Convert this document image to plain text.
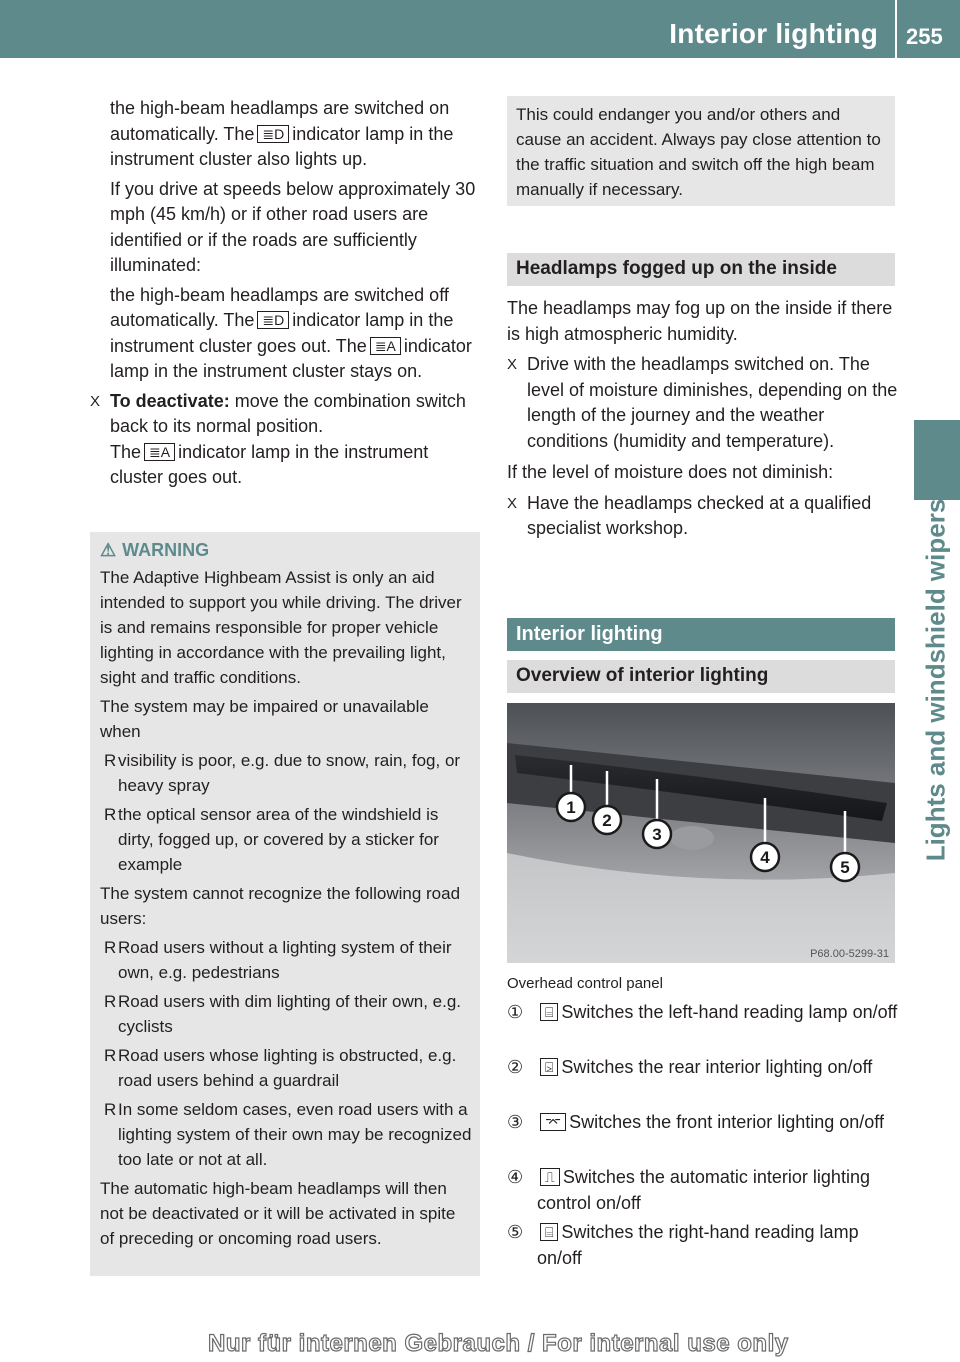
Interior lighting 255
Lights and windshield wipers

the high-beam headlamps are switched on automatically. The ≣D indicator lamp in the instrument cluster also lights up.

If you drive at speeds below approximately 30 mph (45 km/h) or if other road users are identified or if the roads are sufficiently illuminated:

the high-beam headlamps are switched off automatically. The ≣D indicator lamp in the instrument cluster goes out. The ≣A indicator lamp in the instrument cluster stays on.

X To deactivate: move the combination switch back to its normal position.
The ≣A indicator lamp in the instrument cluster goes out.
⚠ WARNING

The Adaptive Highbeam Assist is only an aid intended to support you while driving. The driver is and remains responsible for proper vehicle lighting in accordance with the prevailing light, sight and traffic conditions.

The system may be impaired or unavailable when

R visibility is poor, e.g. due to snow, rain, fog, or heavy spray
R the optical sensor area of the windshield is dirty, fogged up, or covered by a sticker for example

The system cannot recognize the following road users:

R Road users without a lighting system of their own, e.g. pedestrians
R Road users with dim lighting of their own, e.g. cyclists
R Road users whose lighting is obstructed, e.g. road users behind a guardrail
R In some seldom cases, even road users with a lighting system of their own may be recognized too late or not at all.

The automatic high-beam headlamps will then not be deactivated or it will be activated in spite of preceding or oncoming road users.

This could endanger you and/or others and cause an accident. Always pay close attention to the traffic situation and switch off the high beam manually if necessary.
Headlamps fogged up on the inside

The headlamps may fog up on the inside if there is high atmospheric humidity.

X Drive with the headlamps switched on. The level of moisture diminishes, depending on the length of the journey and the weather conditions (humidity and temperature).

If the level of moisture does not diminish:

X Have the headlamps checked at a qualified specialist workshop.
Interior lighting
Overview of interior lighting
1
2
3
4
5
P68.00-5299-31
Overhead control panel
①	⌸ Switches the left-hand reading lamp on/off
②	⍄ Switches the rear interior lighting on/off
③	⌤ Switches the front interior lighting on/off
④	⎍ Switches the automatic interior lighting control on/off
⑤	⌸ Switches the right-hand reading lamp on/off
Nur für internen Gebrauch / For internal use only
